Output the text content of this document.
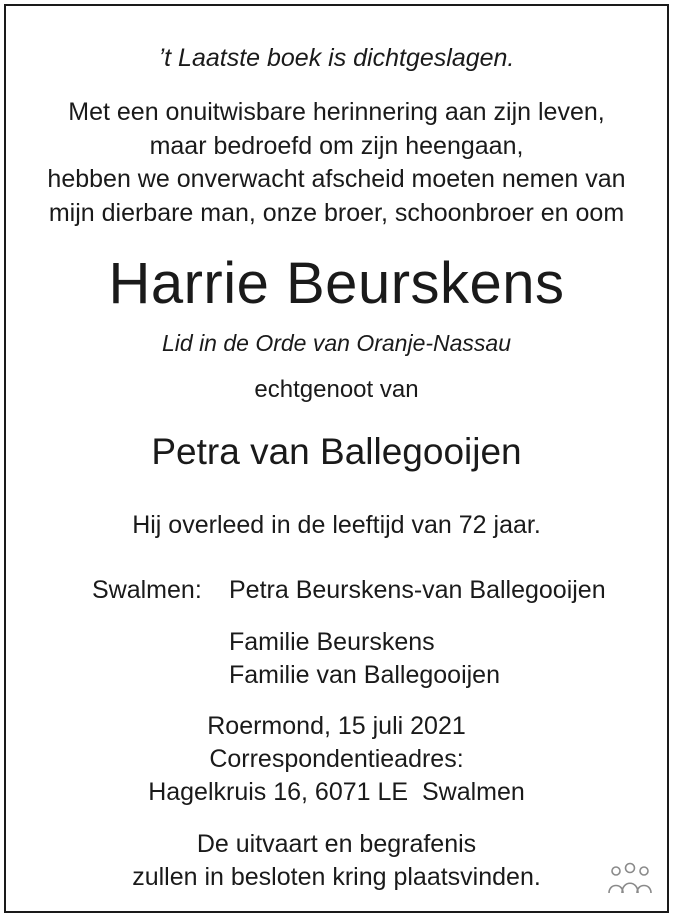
’t Laatste boek is dichtgeslagen.
Met een onuitwisbare herinnering aan zijn leven,
maar bedroefd om zijn heengaan,
hebben we onverwacht afscheid moeten nemen van
mijn dierbare man, onze broer, schoonbroer en oom
Harrie Beurskens
Lid in de Orde van Oranje-Nassau
echtgenoot van
Petra van Ballegooijen
Hij overleed in de leeftijd van 72 jaar.
Swalmen: Petra Beurskens-van Ballegooijen
Familie Beurskens
Familie van Ballegooijen
Roermond, 15 juli 2021
Correspondentieadres:
Hagelkruis 16, 6071 LE  Swalmen
De uitvaart en begrafenis
zullen in besloten kring plaatsvinden.
